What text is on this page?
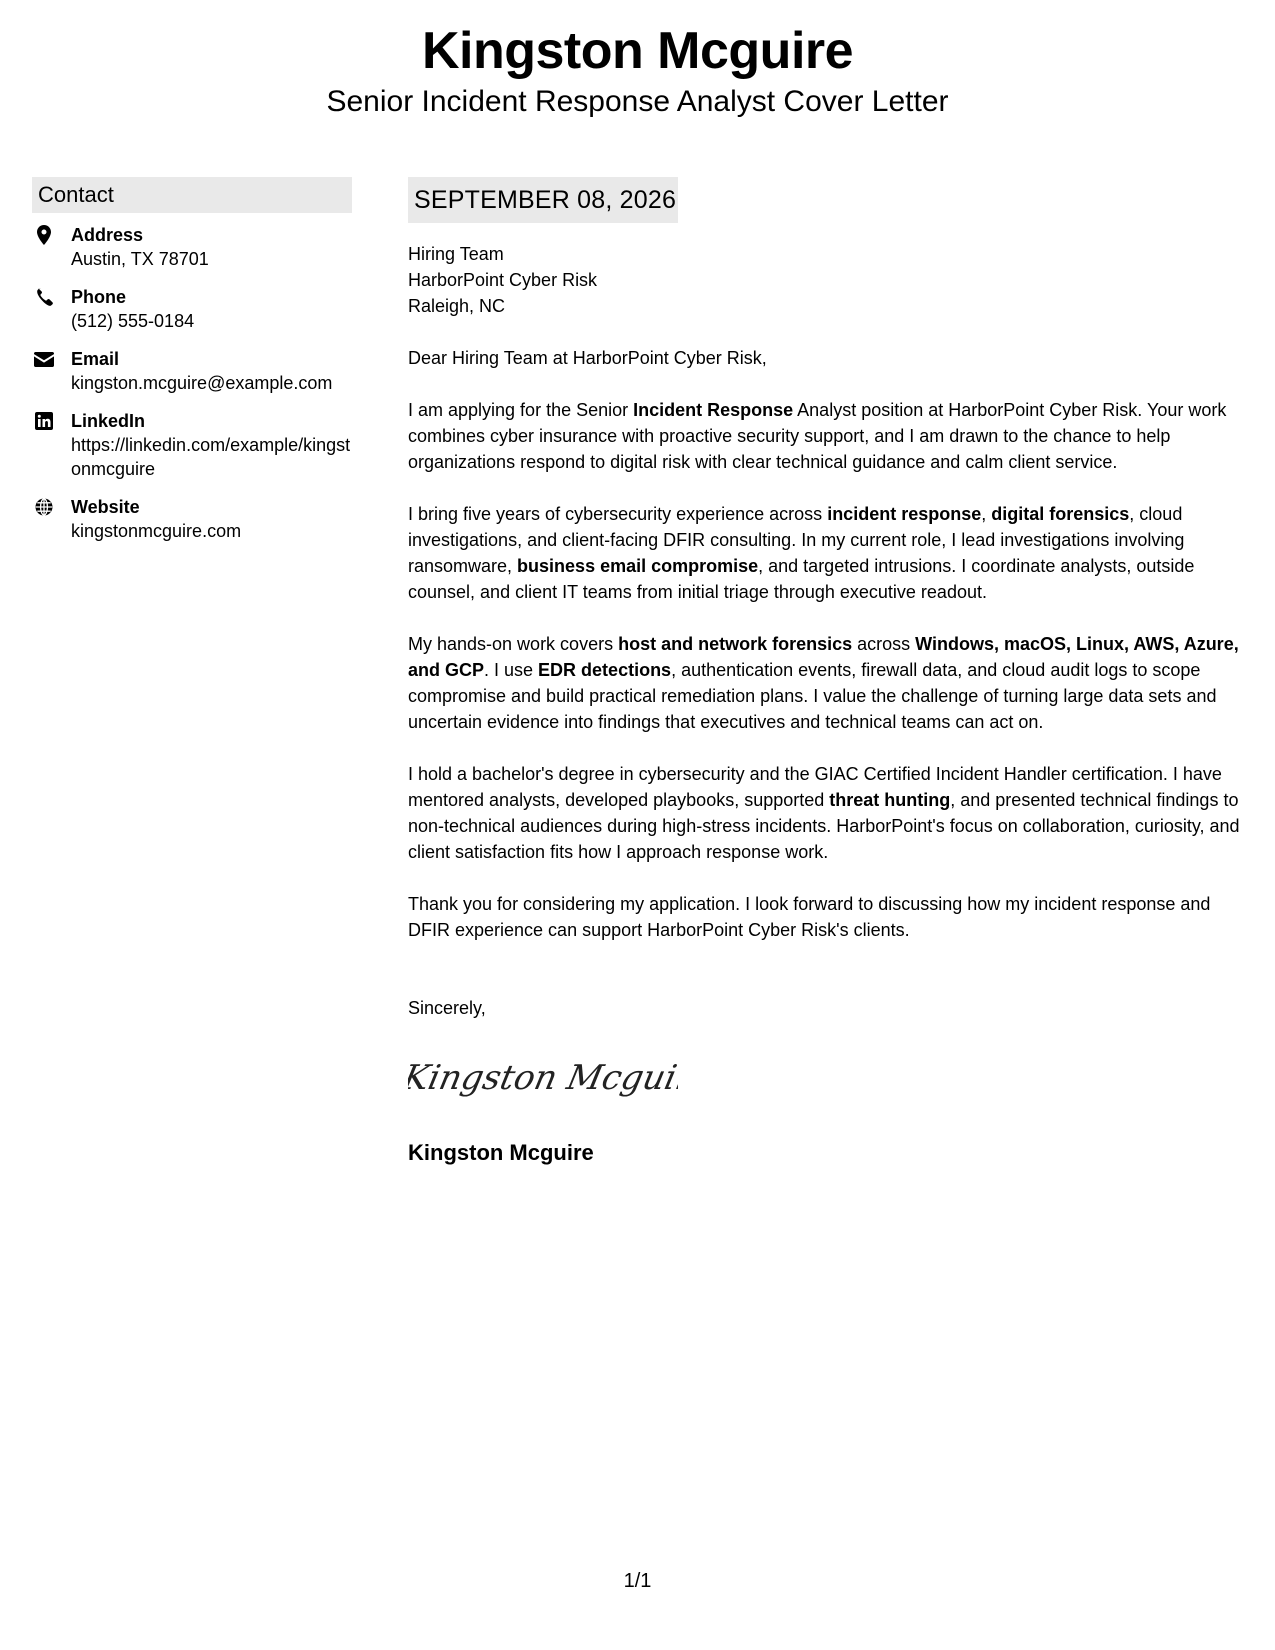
Kingston Mcguire
Senior Incident Response Analyst Cover Letter
Contact
Address
Austin, TX 78701
Phone
(512) 555-0184
Email
kingston.mcguire@example.com
LinkedIn
https://linkedin.com/example/kingstonmcguire
Website
kingstonmcguire.com
SEPTEMBER 08, 2026

Hiring Team

HarborPoint Cyber Risk

Raleigh, NC

Dear Hiring Team at HarborPoint Cyber Risk,

I am applying for the Senior Incident Response Analyst position at HarborPoint Cyber Risk. Your work combines cyber insurance with proactive security support, and I am drawn to the chance to help organizations respond to digital risk with clear technical guidance and calm client service.

I bring five years of cybersecurity experience across incident response, digital forensics, cloud investigations, and client-facing DFIR consulting. In my current role, I lead investigations involving ransomware, business email compromise, and targeted intrusions. I coordinate analysts, outside counsel, and client IT teams from initial triage through executive readout.

My hands-on work covers host and network forensics across Windows, macOS, Linux, AWS, Azure, and GCP. I use EDR detections, authentication events, firewall data, and cloud audit logs to scope compromise and build practical remediation plans. I value the challenge of turning large data sets and uncertain evidence into findings that executives and technical teams can act on.

I hold a bachelor's degree in cybersecurity and the GIAC Certified Incident Handler certification. I have mentored analysts, developed playbooks, supported threat hunting, and presented technical findings to non-technical audiences during high-stress incidents. HarborPoint's focus on collaboration, curiosity, and client satisfaction fits how I approach response work.

Thank you for considering my application. I look forward to discussing how my incident response and DFIR experience can support HarborPoint Cyber Risk's clients.

Sincerely,

Kingston Mcguir
Kingston Mcguire
1/1
